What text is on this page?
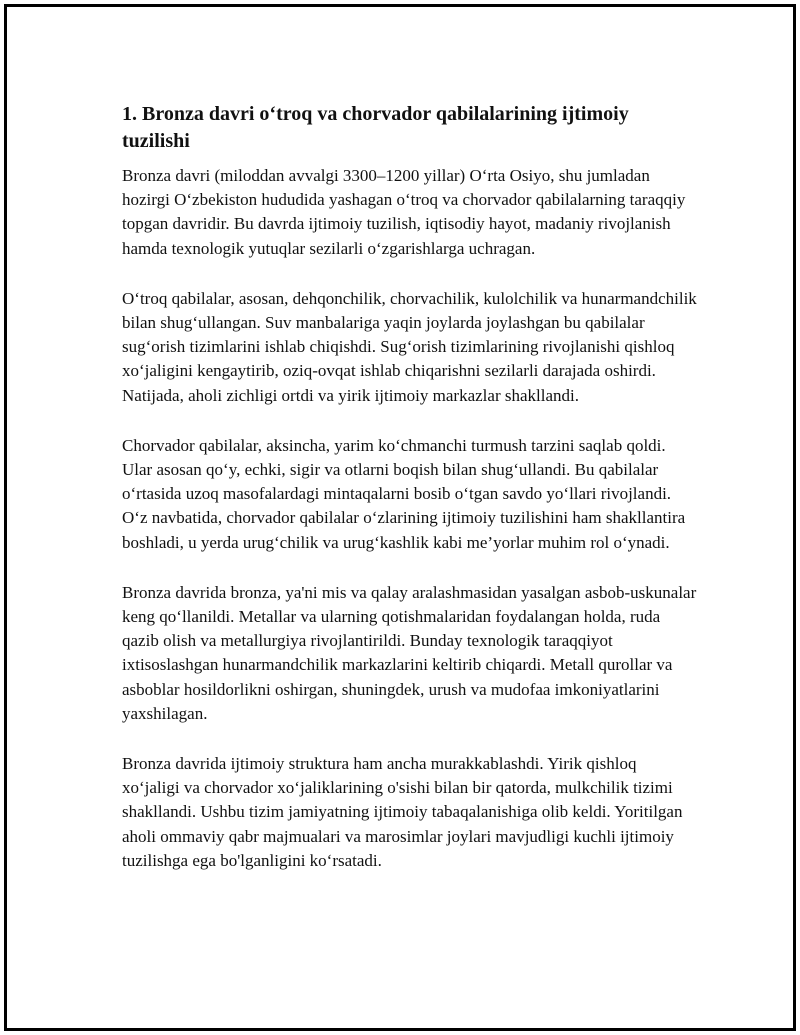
1. Bronza davri o‘troq va chorvador qabilalarining ijtimoiy tuzilishi

Bronza davri (miloddan avvalgi 3300–1200 yillar) O‘rta Osiyo, shu jumladan hozirgi O‘zbekiston hududida yashagan o‘troq va chorvador qabilalarning taraqqiy topgan davridir. Bu davrda ijtimoiy tuzilish, iqtisodiy hayot, madaniy rivojlanish hamda texnologik yutuqlar sezilarli o‘zgarishlarga uchragan.

O‘troq qabilalar, asosan, dehqonchilik, chorvachilik, kulolchilik va hunarmandchilik bilan shug‘ullangan. Suv manbalariga yaqin joylarda joylashgan bu qabilalar sug‘orish tizimlarini ishlab chiqishdi. Sug‘orish tizimlarining rivojlanishi qishloq xo‘jaligini kengaytirib, oziq-ovqat ishlab chiqarishni sezilarli darajada oshirdi. Natijada, aholi zichligi ortdi va yirik ijtimoiy markazlar shakllandi.

Chorvador qabilalar, aksincha, yarim ko‘chmanchi turmush tarzini saqlab qoldi. Ular asosan qo‘y, echki, sigir va otlarni boqish bilan shug‘ullandi. Bu qabilalar o‘rtasida uzoq masofalardagi mintaqalarni bosib o‘tgan savdo yo‘llari rivojlandi. O‘z navbatida, chorvador qabilalar o‘zlarining ijtimoiy tuzilishini ham shakllantira boshladi, u yerda urug‘chilik va urug‘kashlik kabi me’yorlar muhim rol o‘ynadi.

Bronza davrida bronza, ya'ni mis va qalay aralashmasidan yasalgan asbob-uskunalar keng qo‘llanildi. Metallar va ularning qotishmalaridan foydalangan holda, ruda qazib olish va metallurgiya rivojlantirildi. Bunday texnologik taraqqiyot ixtisoslashgan hunarmandchilik markazlarini keltirib chiqardi. Metall qurollar va asboblar hosildorlikni oshirgan, shuningdek, urush va mudofaa imkoniyatlarini yaxshilagan.

Bronza davrida ijtimoiy struktura ham ancha murakkablashdi. Yirik qishloq xo‘jaligi va chorvador xo‘jaliklarining o'sishi bilan bir qatorda, mulkchilik tizimi shakllandi. Ushbu tizim jamiyatning ijtimoiy tabaqalanishiga olib keldi. Yoritilgan aholi ommaviy qabr majmualari va marosimlar joylari mavjudligi kuchli ijtimoiy tuzilishga ega bo'lganligini ko‘rsatadi.
